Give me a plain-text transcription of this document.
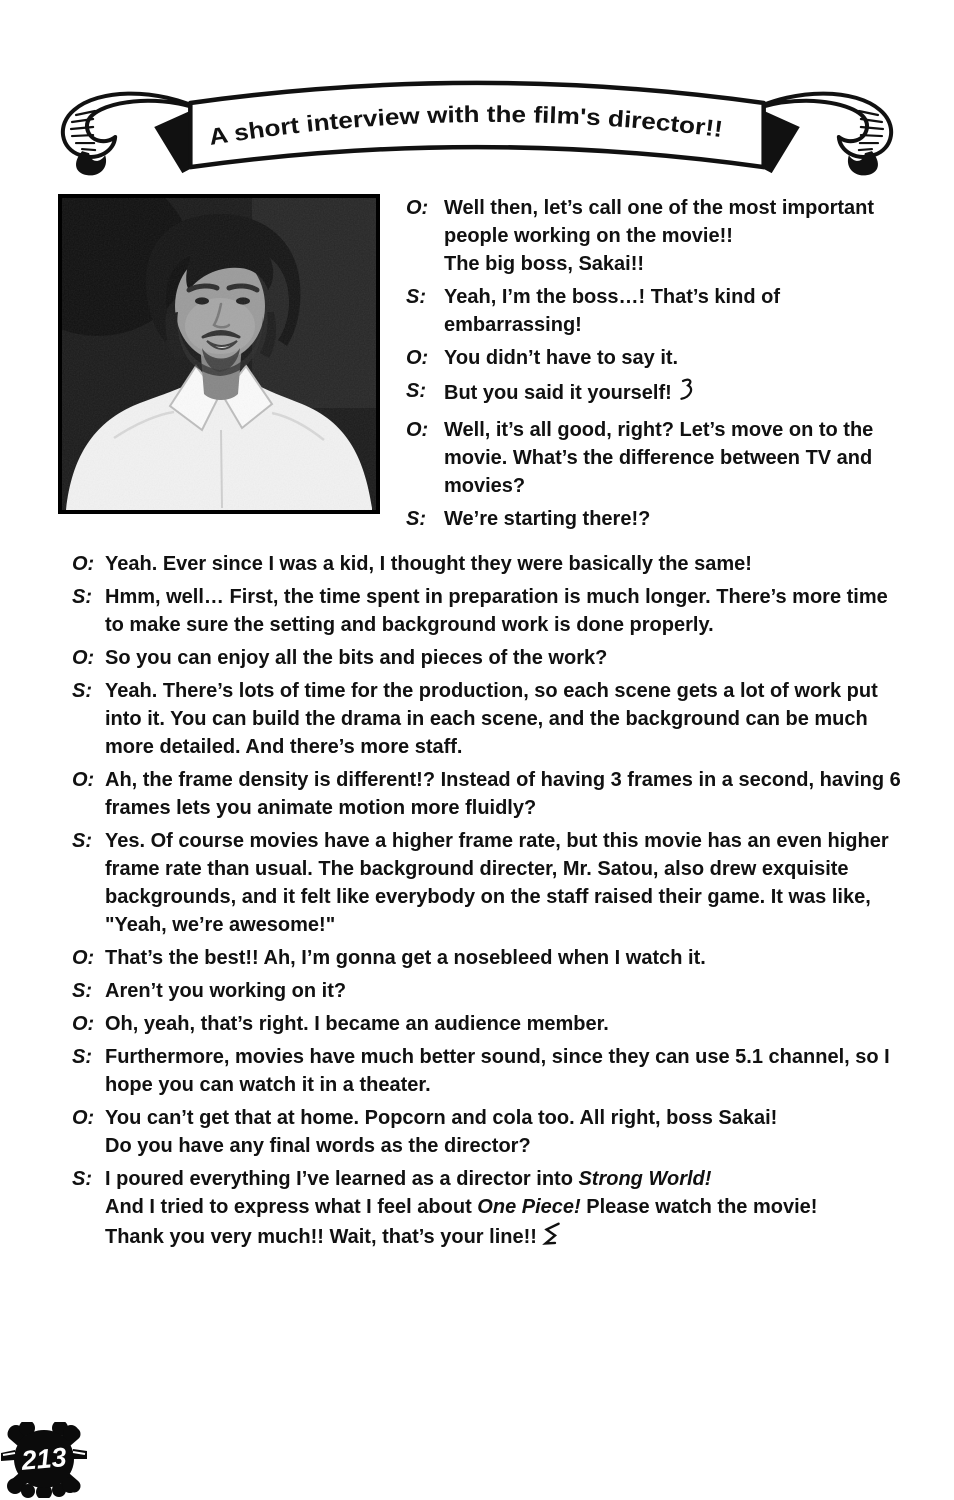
A short interview with the film's director!!
O: Well then, let’s call one of the most important people working on the movie!!
The big boss, Sakai!!
S: Yeah, I’m the boss…! That’s kind of embarrassing!
O: You didn’t have to say it.
S: But you said it yourself!
O: Well, it’s all good, right? Let’s move on to the movie. What’s the difference between TV and movies?
S: We’re starting there!?
O: Yeah. Ever since I was a kid, I thought they were basically the same!
S: Hmm, well… First, the time spent in preparation is much longer. There’s more time to make sure the setting and background work is done properly.
O: So you can enjoy all the bits and pieces of the work?
S: Yeah. There’s lots of time for the production, so each scene gets a lot of work put into it. You can build the drama in each scene, and the background can be much more detailed. And there’s more staff.
O: Ah, the frame density is different!? Instead of having 3 frames in a second, having 6 frames lets you animate motion more fluidly?
S: Yes. Of course movies have a higher frame rate, but this movie has an even higher frame rate than usual. The background directer, Mr. Satou, also drew exquisite backgrounds, and it felt like everybody on the staff raised their game. It was like, "Yeah, we’re awesome!"
O: That’s the best!! Ah, I’m gonna get a nosebleed when I watch it.
S: Aren’t you working on it?
O: Oh, yeah, that’s right. I became an audience member.
S: Furthermore, movies have much better sound, since they can use 5.1 channel, so I hope you can watch it in a theater.
O: You can’t get that at home. Popcorn and cola too. All right, boss Sakai!
Do you have any final words as the director?
S: I poured everything I’ve learned as a director into Strong World!
And I tried to express what I feel about One Piece! Please watch the movie!
Thank you very much!! Wait, that’s your line!!
213
